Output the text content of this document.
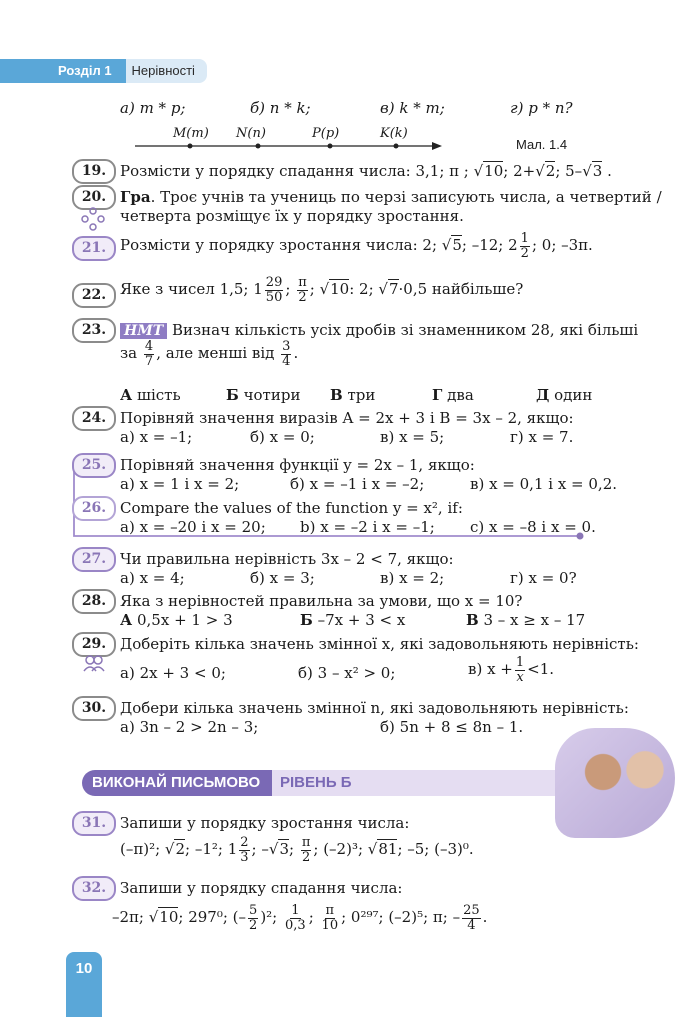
Розділ 1	Нерівності
а) m * p;	б) n * k;	в) k * m;	г) p * n?
M(m) N(n)	P(p)	K(k)
Мал. 1.4
19. Розмісти у порядку спадання числа: 3,1; π ; √10; 2+√2; 5–√3 .
20. Гра. Троє учнів та учениць по черзі записують числа, а четвертий /
четверта розміщує їх у порядку зростання.
21. Розмісти у порядку зростання числа: 2; √5; –12; $2 \frac{1}{2}$ ; 0; –3π.
22. Яке з чисел 1,5; $1 \frac{29}{50}$ ; $\frac{\pi}{2}$ ; √10: 2; √7·0,5 найбільше?
23.	НМТ Визнач кількість усіх дробів зі знаменником 28, які більші
за $\frac{4}{7}$ , але менші від $\frac{3}{4}$ .
А шість	Б чотири В три	Г два	Д один
24. Порівняй значення виразів A = 2x + 3 і B = 3x – 2, якщо:
а) x = –1;	б) x = 0;	в) x = 5;	г) x = 7.
25. Порівняй значення функції y = 2x – 1, якщо:
а) x = 1 і x = 2;	б) x = –1 і x = –2;	в) x = 0,1 і x = 0,2.
26. Compare the values of the function y = x², if:
а) x = –20 і x = 20; b) x = –2 і x = –1; c) x = –8 і x = 0.
27. Чи правильна нерівність 3x – 2 < 7, якщо:
а) x = 4;	б) x = 3;	в) x = 2;	г) x = 0?
28. Яка з нерівностей правильна за умови, що x = 10?
А 0,5x + 1 > 3	Б –7x + 3 < x	В 3 – x ≥ x – 17
29. Доберіть кілька значень змінної x, які задовольняють нерівність:
а) 2x + 3 < 0;	б) 3 – x² > 0;	в) $x + \frac{1}{x} <1$.
30. Добери кілька значень змінної n, які задовольняють нерівність:
а) 3n – 2 > 2n – 3;	б) 5n + 8 ≤ 8n – 1.
ВИКОНАЙ ПИСЬМОВО	РІВЕНЬ Б
31. Запиши у порядку зростання числа:
(–π)²; √2; –1²; $1 \frac{2}{3}$ ; –√3; $\frac{\pi}{2}$ ; (–2)³; √81; –5; (–3)⁰.
32. Запиши у порядку спадання числа:
–2π; √10; 297⁰; (– $\frac{5}{2} )^2$; $\frac{1}{0,3}$ ; $\frac{\pi}{10}$ ; 0²⁹⁷; (–2)⁵; π; – $\frac{25}{4}$ .
10
